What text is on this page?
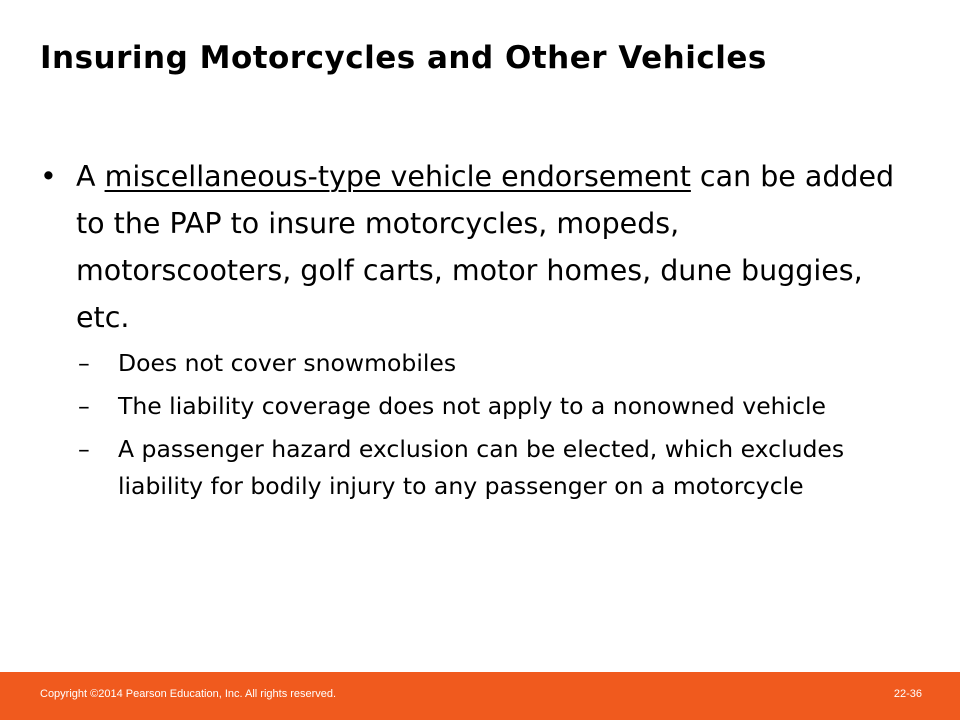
Insuring Motorcycles and Other Vehicles
• A miscellaneous-type vehicle endorsement can be added to the PAP to insure motorcycles, mopeds, motorscooters, golf carts, motor homes, dune buggies, etc.
– Does not cover snowmobiles
– The liability coverage does not apply to a nonowned vehicle
– A passenger hazard exclusion can be elected, which excludes liability for bodily injury to any passenger on a motorcycle
Copyright ©2014 Pearson Education, Inc. All rights reserved.	22-36
